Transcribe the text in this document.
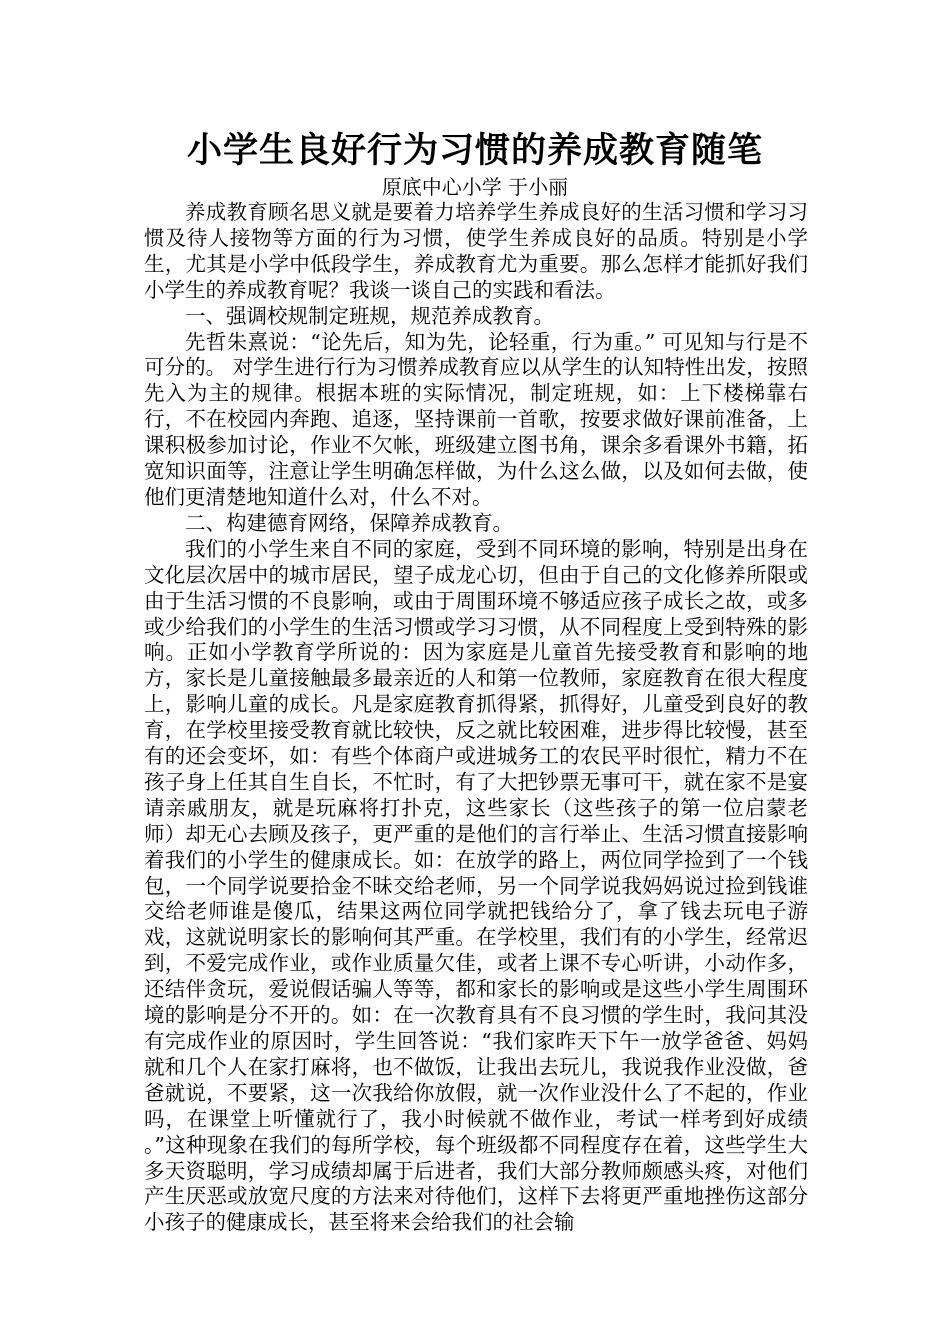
小学生良好行为习惯的养成教育随笔
原底中心小学 于小丽

养成教育顾名思义就是要着力培养学生养成良好的生活习惯和学习习惯及待人接物等方面的行为习惯，使学生养成良好的品质。特别是小学生，尤其是小学中低段学生，养成教育尤为重要。那么怎样才能抓好我们小学生的养成教育呢？我谈一谈自己的实践和看法。

一、强调校规制定班规，规范养成教育。

先哲朱熹说：“论先后，知为先，论轻重，行为重。” 可见知与行是不可分的。 对学生进行行为习惯养成教育应以从学生的认知特性出发，按照先入为主的规律。根据本班的实际情况，制定班规，如：上下楼梯靠右行，不在校园内奔跑、追逐，坚持课前一首歌，按要求做好课前准备，上课积极参加讨论，作业不欠帐，班级建立图书角，课余多看课外书籍，拓宽知识面等，注意让学生明确怎样做，为什么这么做，以及如何去做，使他们更清楚地知道什么对，什么不对。

二、构建德育网络，保障养成教育。

我们的小学生来自不同的家庭，受到不同环境的影响，特别是出身在文化层次居中的城市居民，望子成龙心切，但由于自己的文化修养所限或由于生活习惯的不良影响，或由于周围环境不够适应孩子成长之故，或多或少给我们的小学生的生活习惯或学习习惯，从不同程度上受到特殊的影响。正如小学教育学所说的：因为家庭是儿童首先接受教育和影响的地方，家长是儿童接触最多最亲近的人和第一位教师，家庭教育在很大程度上，影响儿童的成长。凡是家庭教育抓得紧，抓得好，儿童受到良好的教育，在学校里接受教育就比较快，反之就比较困难，进步得比较慢，甚至有的还会变坏，如：有些个体商户或进城务工的农民平时很忙，精力不在孩子身上任其自生自长，不忙时，有了大把钞票无事可干，就在家不是宴请亲戚朋友，就是玩麻将打扑克，这些家长（这些孩子的第一位启蒙老师）却无心去顾及孩子，更严重的是他们的言行举止、生活习惯直接影响着我们的小学生的健康成长。如：在放学的路上，两位同学捡到了一个钱包，一个同学说要拾金不昧交给老师，另一个同学说我妈妈说过捡到钱谁交给老师谁是傻瓜，结果这两位同学就把钱给分了，拿了钱去玩电子游戏，这就说明家长的影响何其严重。在学校里，我们有的小学生，经常迟到，不爱完成作业，或作业质量欠佳，或者上课不专心听讲，小动作多，还结伴贪玩，爱说假话骗人等等，都和家长的影响或是这些小学生周围环境的影响是分不开的。如：在一次教育具有不良习惯的学生时，我问其没有完成作业的原因时，学生回答说：“我们家昨天下午一放学爸爸、妈妈就和几个人在家打麻将，也不做饭，让我出去玩儿，我说我作业没做，爸爸就说，不要紧，这一次我给你放假，就一次作业没什么了不起的，作业吗，在课堂上听懂就行了，我小时候就不做作业，考试一样考到好成绩 。”这种现象在我们的每所学校，每个班级都不同程度存在着，这些学生大多天资聪明，学习成绩却属于后进者，我们大部分教师颇感头疼，对他们产生厌恶或放宽尺度的方法来对待他们，这样下去将更严重地挫伤这部分小孩子的健康成长，甚至将来会给我们的社会输
